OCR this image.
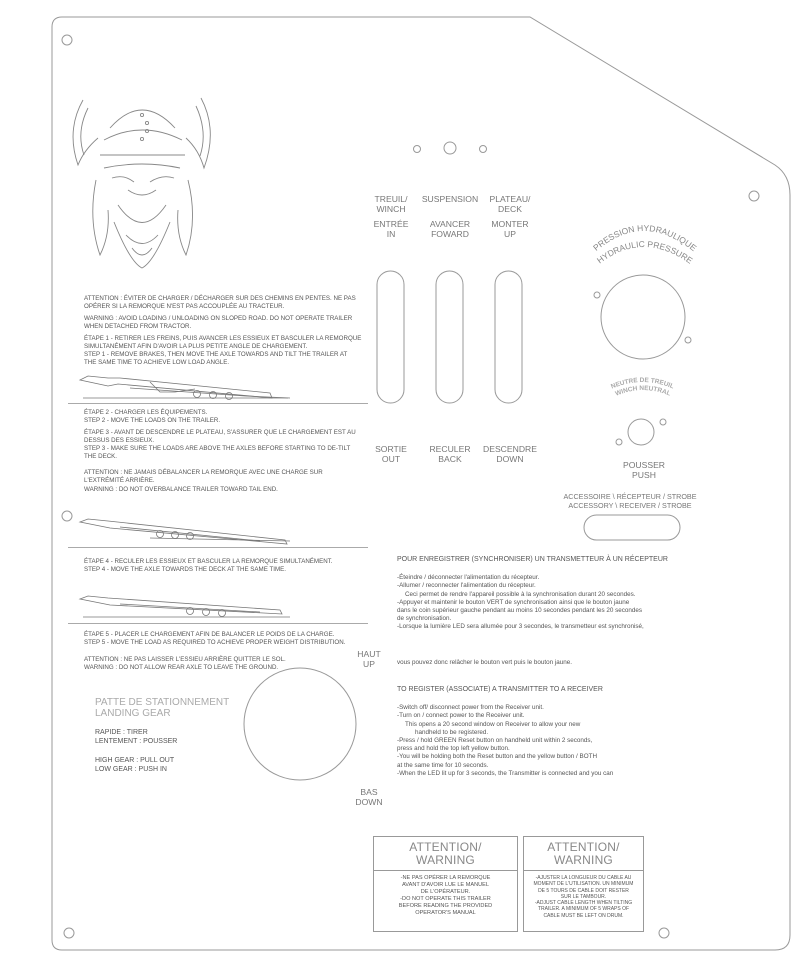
PRESSION HYDRAULIQUE
HYDRAULIC PRESSURE
NEUTRE DE TREUIL
WINCH NEUTRAL
ATTENTION : ÉVITER DE CHARGER / DÉCHARGER SUR DES CHEMINS EN PENTES. NE PAS
OPÉRER SI LA REMORQUE N'EST PAS ACCOUPLÉE AU TRACTEUR.
WARNING : AVOID LOADING / UNLOADING ON SLOPED ROAD. DO NOT OPERATE TRAILER
WHEN DETACHED FROM TRACTOR.
ÉTAPE 1 - RETIRER LES FREINS, PUIS AVANCER LES ESSIEUX ET BASCULER LA REMORQUE
SIMULTANÉMENT AFIN D'AVOIR LA PLUS PETITE ANGLE DE CHARGEMENT.
STEP 1 - REMOVE BRAKES, THEN MOVE THE AXLE TOWARDS AND TILT THE TRAILER AT
THE SAME TIME TO ACHIEVE LOW LOAD ANGLE.
ÉTAPE 2 - CHARGER LES ÉQUIPEMENTS.
STEP 2 - MOVE THE LOADS ON THE TRAILER.
ÉTAPE 3 - AVANT DE DESCENDRE LE PLATEAU, S'ASSURER QUE LE CHARGEMENT EST AU
DESSUS DES ESSIEUX.
STEP 3 - MAKE SURE THE LOADS ARE ABOVE THE AXLES BEFORE STARTING TO DE-TILT
THE DECK.
ATTENTION : NE JAMAIS DÉBALANCER LA REMORQUE AVEC UNE CHARGE SUR
L'EXTRÉMITÉ ARRIÈRE.
WARNING : DO NOT OVERBALANCE TRAILER TOWARD TAIL END.
ÉTAPE 4 - RECULER LES ESSIEUX ET BASCULER LA REMORQUE SIMULTANÉMENT.
STEP 4 - MOVE THE AXLE TOWARDS THE DECK AT THE SAME TIME.
ÉTAPE 5 - PLACER LE CHARGEMENT AFIN DE BALANCER LE POIDS DE LA CHARGE.
STEP 5 - MOVE THE LOAD AS REQUIRED TO ACHIEVE PROPER WEIGHT DISTRIBUTION.
ATTENTION : NE PAS LAISSER L'ESSIEU ARRIÈRE QUITTER LE SOL.
WARNING : DO NOT ALLOW REAR AXLE TO LEAVE THE GROUND.
TREUIL/
WINCH
ENTRÉE
IN
SORTIE
OUT
SUSPENSION
AVANCER
FOWARD
RECULER
BACK
PLATEAU/
DECK
MONTER
UP
DESCENDRE
DOWN
POUSSER
PUSH
ACCESSOIRE \ RÉCEPTEUR / STROBE
ACCESSORY \ RECEIVER / STROBE
POUR ENREGISTRER (SYNCHRONISER) UN TRANSMETTEUR À UN RÉCEPTEUR
-Éteindre / déconnecter l'alimentation du récepteur.
-Allumer / reconnecter l'alimentation du récepteur.
Ceci permet de rendre l'appareil possible à la synchronisation durant 20 secondes.
-Appuyer et maintenir le bouton VERT de synchronisation ainsi que le bouton jaune
dans le coin supérieur gauche pendant au moins 10 secondes pendant les 20 secondes
de synchronisation.
-Lorsque la lumière LED sera allumée pour 3 secondes, le transmetteur est synchronisé,
vous pouvez donc relâcher le bouton vert puis le bouton jaune.
TO REGISTER (ASSOCIATE) A TRANSMITTER TO A RECEIVER
-Switch off/ disconnect power from the Receiver unit.
-Turn on / connect power to the Receiver unit.
This opens a 20 second window on Receiver to allow your new
handheld to be registered.
-Press / hold GREEN Reset button on handheld unit within 2 seconds,
press and hold the top left yellow button.
-You will be holding both the Reset button and the yellow button / BOTH
at the same time for 10 seconds.
-When the LED lit up for 3 seconds, the Transmitter is connected and you can
PATTE DE STATIONNEMENT
LANDING GEAR
RAPIDE : TIRER
LENTEMENT : POUSSER
HIGH GEAR : PULL OUT
LOW GEAR : PUSH IN
HAUT
UP
BAS
DOWN
ATTENTION/
WARNING
-NE PAS OPÉRER LA REMORQUE
AVANT D'AVOIR LUE LE MANUEL
DE L'OPÉRATEUR.
-DO NOT OPERATE THIS TRAILER
BEFORE READING THE PROVIDED
OPERATOR'S MANUAL
ATTENTION/
WARNING
-AJUSTER LA LONGUEUR DU CABLE AU
MOMENT DE L'UTILISATION. UN MINIMUM
DE 5 TOURS DE CABLE DOIT RESTER
SUR LE TAMBOUR.
-ADJUST CABLE LENGTH WHEN TILTING
TRAILER. A MINIMUM OF 5 WRAPS OF
CABLE MUST BE LEFT ON DRUM.
